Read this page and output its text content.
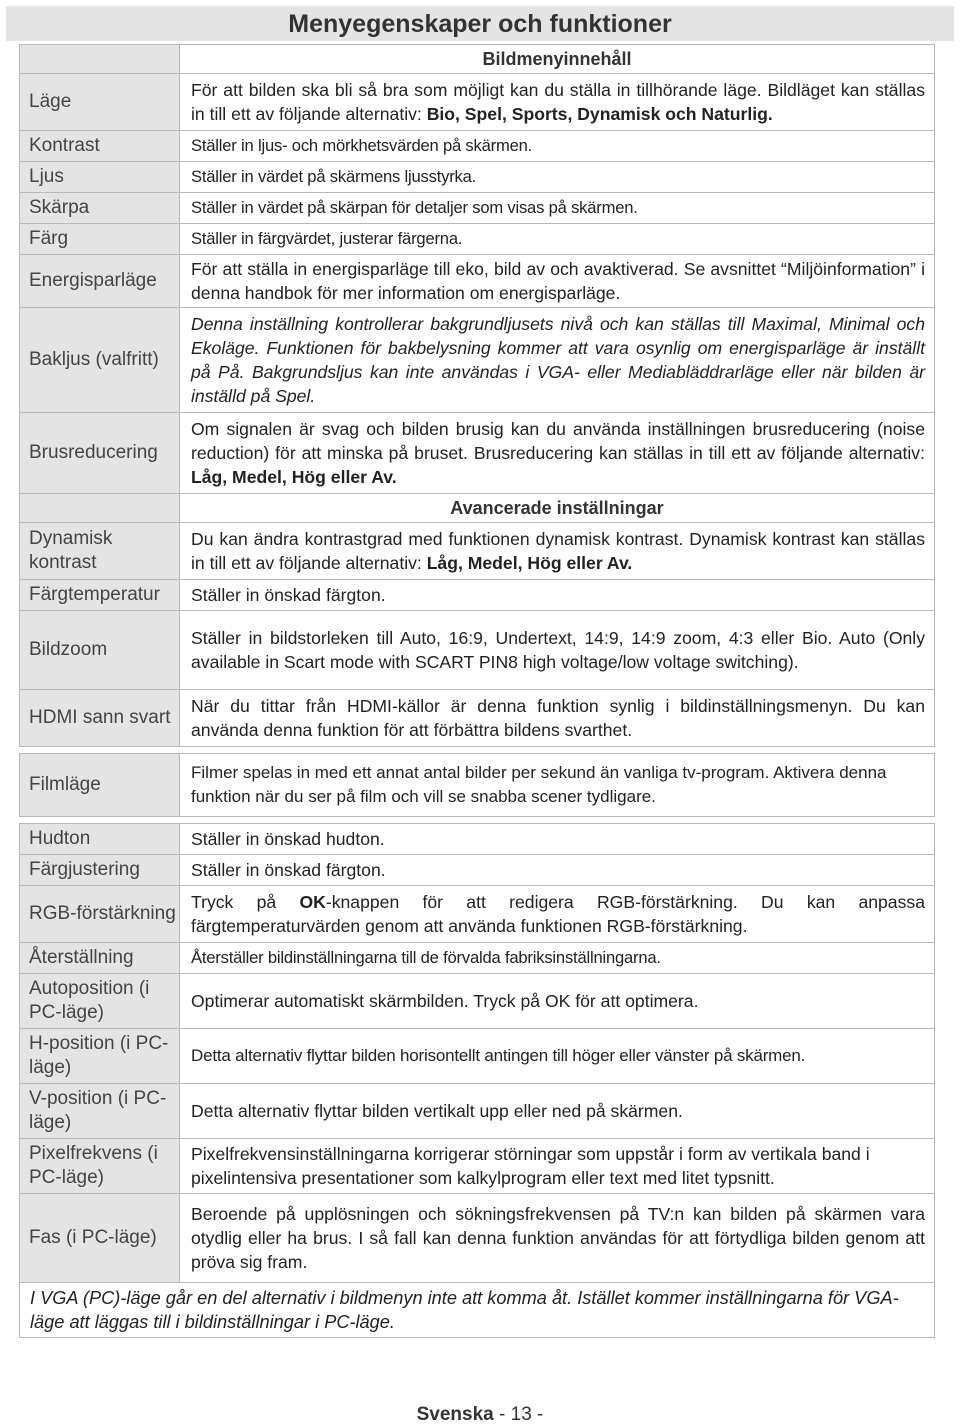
Menyegenskaper och funktioner
	Bildmenyinnehåll
Läge	För att bilden ska bli så bra som möjligt kan du ställa in tillhörande läge. Bildläget kan ställas in till ett av följande alternativ: Bio, Spel, Sports, Dynamisk och Naturlig.
Kontrast	Ställer in ljus- och mörkhetsvärden på skärmen.
Ljus	Ställer in värdet på skärmens ljusstyrka.
Skärpa	Ställer in värdet på skärpan för detaljer som visas på skärmen.
Färg	Ställer in färgvärdet, justerar färgerna.
Energisparläge	För att ställa in energisparläge till eko, bild av och avaktiverad. Se avsnittet “Miljöinformation” i denna handbok för mer information om energisparläge.
Bakljus (valfritt)	Denna inställning kontrollerar bakgrundljusets nivå och kan ställas till Maximal, Minimal och Ekoläge. Funktionen för bakbelysning kommer att vara osynlig om energisparläge är inställt på På. Bakgrundsljus kan inte användas i VGA- eller Mediabläddrarläge eller när bilden är inställd på Spel.
Brusreducering	Om signalen är svag och bilden brusig kan du använda inställningen brusreducering (noise reduction) för att minska på bruset. Brusreducering kan ställas in till ett av följande alternativ: Låg, Medel, Hög eller Av.
	Avancerade inställningar
Dynamisk kontrast	Du kan ändra kontrastgrad med funktionen dynamisk kontrast. Dynamisk kontrast kan ställas in till ett av följande alternativ: Låg, Medel, Hög eller Av.
Färgtemperatur	Ställer in önskad färgton.
Bildzoom	Ställer in bildstorleken till Auto, 16:9, Undertext, 14:9, 14:9 zoom, 4:3 eller Bio. Auto (Only available in Scart mode with SCART PIN8 high voltage/low voltage switching).
HDMI sann svart	När du tittar från HDMI-källor är denna funktion synlig i bildinställningsmenyn. Du kan använda denna funktion för att förbättra bildens svarthet.

Filmläge	Filmer spelas in med ett annat antal bilder per sekund än vanliga tv-program. Aktivera denna funktion när du ser på film och vill se snabba scener tydligare.

Hudton	Ställer in önskad hudton.
Färgjustering	Ställer in önskad färgton.
RGB-förstärkning	Tryck på OK-knappen för att redigera RGB-förstärkning. Du kan anpassa färgtemperaturvärden genom att använda funktionen RGB-förstärkning.
Återställning	Återställer bildinställningarna till de förvalda fabriksinställningarna.
Autoposition (i PC-läge)	Optimerar automatiskt skärmbilden. Tryck på OK för att optimera.
H-position (i PC-läge)	Detta alternativ flyttar bilden horisontellt antingen till höger eller vänster på skärmen.
V-position (i PC-läge)	Detta alternativ flyttar bilden vertikalt upp eller ned på skärmen.
Pixelfrekvens (i PC-läge)	Pixelfrekvensinställningarna korrigerar störningar som uppstår i form av vertikala band i pixelintensiva presentationer som kalkylprogram eller text med litet typsnitt.
Fas (i PC-läge)	Beroende på upplösningen och sökningsfrekvensen på TV:n kan bilden på skärmen vara otydlig eller ha brus. I så fall kan denna funktion användas för att förtydliga bilden genom att pröva sig fram.
I VGA (PC)-läge går en del alternativ i bildmenyn inte att komma åt. Istället kommer inställningarna för VGA-läge att läggas till i bildinställningar i PC-läge.	
Svenska - 13 -
